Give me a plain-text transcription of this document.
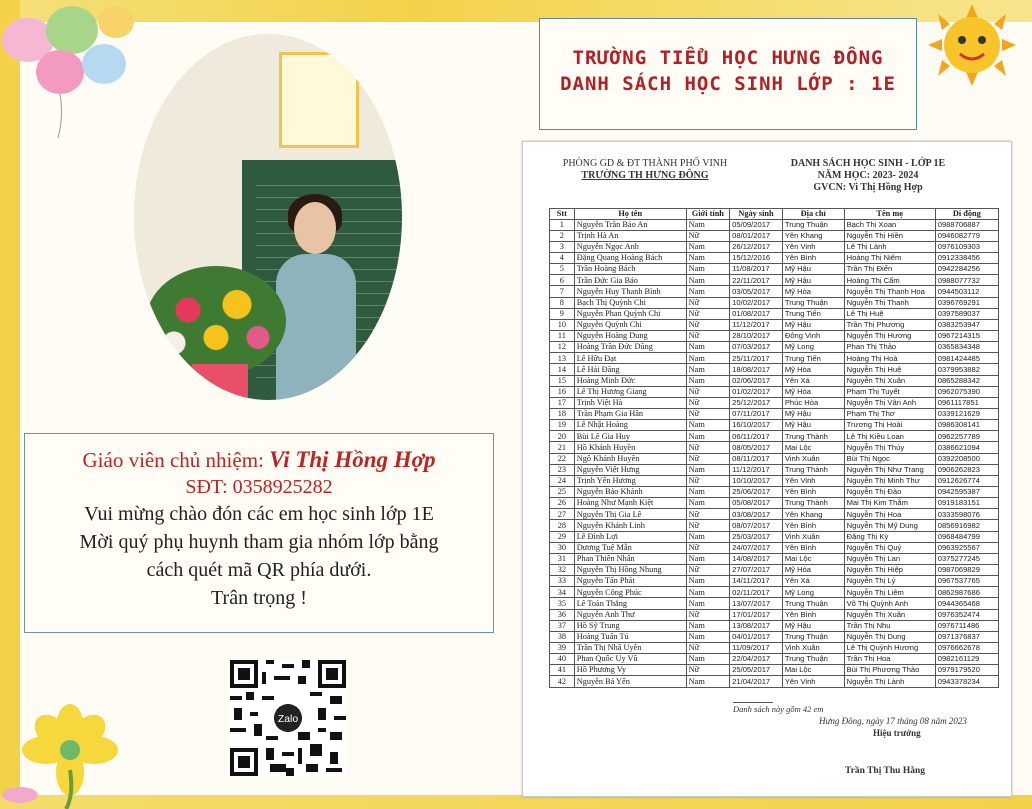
Giáo viên chủ nhiệm: Vi Thị Hồng Hợp
SĐT: 0358925282
Vui mừng chào đón các em học sinh lớp 1E
Mời quý phụ huynh tham gia nhóm lớp bằng
cách quét mã QR phía dưới.
Trân trọng !
Zalo
TRƯỜNG TIỂU HỌC HƯNG ĐÔNG
DANH SÁCH HỌC SINH LỚP : 1E
PHÒNG GD & ĐT THÀNH PHỐ VINH
TRƯỜNG TH HƯNG ĐÔNG
DANH SÁCH HỌC SINH - LỚP 1E
NĂM HỌC: 2023- 2024
GVCN: Vi Thị Hồng Hợp
Stt	Họ tên	Giới tính	Ngày sinh	Địa chỉ	Tên mẹ	Di động
1	Nguyễn Trần Bảo An	Nam	05/09/2017	Trung Thuận	Bạch Thị Xoan	0988706887
2	Trịnh Hà An	Nữ	08/01/2017	Yên Khang	Nguyễn Thị Hiền	0946082779
3	Nguyễn Ngọc Anh	Nam	26/12/2017	Yên Vinh	Lê Thị Lành	0976109303
4	Đặng Quang Hoàng Bách	Nam	15/12/2016	Yên Bình	Hoàng Thị Niêm	0912338456
5	Trần Hoàng Bách	Nam	11/08/2017	Mỹ Hậu	Trần Thị Điển	0942284256
6	Trần Đức Gia Bảo	Nam	22/11/2017	Mỹ Hậu	Hoàng Thị Cẩm	0988077732
7	Nguyễn Huy Thanh Bình	Nam	03/05/2017	Mỹ Hòa	Nguyễn Thị Thanh Hoa	0944503112
8	Bạch Thị Quỳnh Chi	Nữ	10/02/2017	Trung Thuận	Nguyễn Thị Thanh	0396769291
9	Nguyễn Phan Quỳnh Chi	Nữ	01/08/2017	Trung Tiến	Lê Thị Huệ	0397589037
10	Nguyễn Quỳnh Chi	Nữ	11/12/2017	Mỹ Hậu	Trần Thị Phương	0383253947
11	Nguyễn Hoàng Dung	Nữ	28/10/2017	Đông Vinh	Nguyễn Thị Hương	0967214315
12	Hoàng Trần Đức Dũng	Nam	07/03/2017	Mỹ Long	Phan Thị Thảo	0365834348
13	Lê Hữu Đạt	Nam	25/11/2017	Trung Tiến	Hoàng Thị Hoà	0981424485
14	Lê Hải Đăng	Nam	18/08/2017	Mỹ Hòa	Nguyễn Thị Huệ	0379953882
15	Hoàng Minh Đức	Nam	02/06/2017	Yên Xá	Nguyễn Thị Xuân	0865288342
16	Lê Thị Hương Giang	Nữ	01/02/2017	Mỹ Hòa	Phạm Thị Tuyết	0962075390
17	Trịnh Việt Hà	Nữ	25/12/2017	Phúc Hòa	Nguyễn Thị Vân Anh	0961117851
18	Trần Phạm Gia Hân	Nữ	07/11/2017	Mỹ Hậu	Phạm Thị Thơ	0339121629
19	Lê Nhật Hoàng	Nam	16/10/2017	Mỹ Hậu	Trương Thị Hoài	0986308141
20	Bùi Lê Gia Huy	Nam	06/11/2017	Trung Thành	Lê Thị Kiều Loan	0962257789
21	Hồ Khánh Huyền	Nữ	08/05/2017	Mai Lộc	Nguyễn Thị Thủy	0386621094
22	Ngô Khánh Huyền	Nữ	08/11/2017	Vinh Xuân	Bùi Thị Ngọc	0392208500
23	Nguyễn Việt Hưng	Nam	11/12/2017	Trung Thành	Nguyễn Thị Như Trang	0906262823
24	Trịnh Yến Hương	Nữ	10/10/2017	Yên Vinh	Nguyễn Thị Minh Thư	0912626774
25	Nguyễn Bảo Khánh	Nam	25/06/2017	Yên Bình	Nguyễn Thị Đào	0942595387
26	Hoàng Như Mạnh Kiệt	Nam	05/08/2017	Trung Thành	Mai Thị Kim Thắm	0919183151
27	Nguyễn Thị Gia Lê	Nữ	03/08/2017	Yên Khang	Nguyễn Thị Hoa	0333598076
28	Nguyễn Khánh Linh	Nữ	08/07/2017	Yên Bình	Nguyễn Thị Mỹ Dung	0856916982
29	Lê Đình Lợi	Nam	25/03/2017	Vinh Xuân	Đặng Thị Kỳ	0968484799
30	Dương Tuệ Mẫn	Nữ	24/07/2017	Yên Bình	Nguyễn Thị Quý	0963925567
31	Phan Thiên Nhân	Nam	14/08/2017	Mai Lộc	Nguyễn Thị Lan	0375277245
32	Nguyễn Thị Hồng Nhung	Nữ	27/07/2017	Mỹ Hòa	Nguyễn Thị Hiệp	0987069829
33	Nguyễn Tấn Phát	Nam	14/11/2017	Yên Xá	Nguyễn Thị Lý	0967537765
34	Nguyễn Công Phúc	Nam	02/11/2017	Mỹ Long	Nguyễn Thị Liêm	0862987686
35	Lê Toàn Thắng	Nam	13/07/2017	Trung Thuận	Võ Thị Quỳnh Anh	0944365468
36	Nguyễn Anh Thư	Nữ	17/01/2017	Yên Bình	Nguyễn Thị Xuân	0976352474
37	Hồ Sỹ Trung	Nam	13/08/2017	Mỹ Hậu	Trần Thị Nhu	0976711486
38	Hoàng Tuấn Tú	Nam	04/01/2017	Trung Thuận	Nguyễn Thị Dung	0971376837
39	Trần Thị Nhã Uyên	Nữ	11/09/2017	Vinh Xuân	Lê Thị Quỳnh Hương	0976662678
40	Phan Quốc Uy Vũ	Nam	22/04/2017	Trung Thuận	Trần Thị Hoa	0982161129
41	Hồ Phương Vy	Nữ	25/05/2017	Mai Lộc	Bùi Thị Phương Thảo	0979179520
42	Nguyễn Bá Yến	Nam	21/04/2017	Yên Vinh	Nguyễn Thị Lành	0943378234
Danh sách này gồm 42 em
Hưng Đông, ngày 17 tháng 08 năm 2023
Hiệu trưởng
Trần Thị Thu Hằng
